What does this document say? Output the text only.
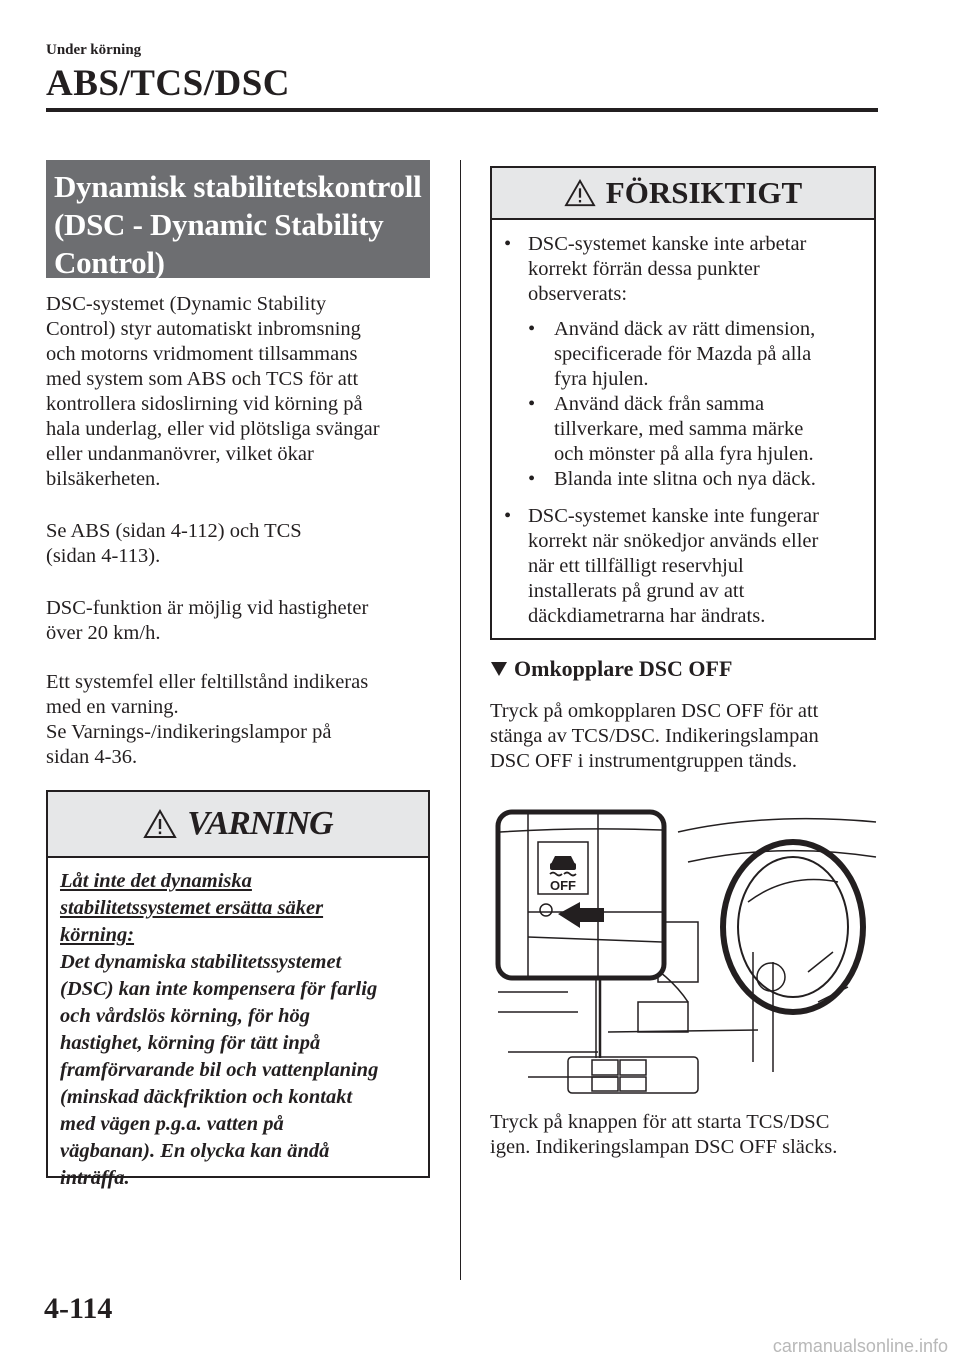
Under körning
ABS/TCS/DSC
Dynamisk stabilitetskontroll
(DSC - Dynamic Stability
Control)
DSC-systemet (Dynamic Stability
Control) styr automatiskt inbromsning
och motorns vridmoment tillsammans
med system som ABS och TCS för att
kontrollera sidoslirning vid körning på
hala underlag, eller vid plötsliga svängar
eller undanmanövrer, vilket ökar
bilsäkerheten.
Se ABS (sidan 4-112) och TCS
(sidan 4-113).
DSC-funktion är möjlig vid hastigheter
över 20 km/h.
Ett systemfel eller feltillstånd indikeras
med en varning.
Se Varnings-/indikeringslampor på
sidan 4-36.
VARNING
Låt inte det dynamiska
stabilitetssystemet ersätta säker
körning:
Det dynamiska stabilitetssystemet
(DSC) kan inte kompensera för farlig
och vårdslös körning, för hög
hastighet, körning för tätt inpå
framförvarande bil och vattenplaning
(minskad däckfriktion och kontakt
med vägen p.g.a. vatten på
vägbanan). En olycka kan ändå
inträffa.
FÖRSIKTIGT
• DSC-systemet kanske inte arbetar
korrekt förrän dessa punkter
observerats:
• Använd däck av rätt dimension,
specificerade för Mazda på alla
fyra hjulen.
• Använd däck från samma
tillverkare, med samma märke
och mönster på alla fyra hjulen.
• Blanda inte slitna och nya däck.
• DSC-systemet kanske inte fungerar
korrekt när snökedjor används eller
när ett tillfälligt reservhjul
installerats på grund av att
däckdiametrarna har ändrats.
Omkopplare DSC OFF
Tryck på omkopplaren DSC OFF för att
stänga av TCS/DSC. Indikeringslampan
DSC OFF i instrumentgruppen tänds.
OFF
Tryck på knappen för att starta TCS/DSC
igen. Indikeringslampan DSC OFF släcks.
4-114
carmanualsonline.info
